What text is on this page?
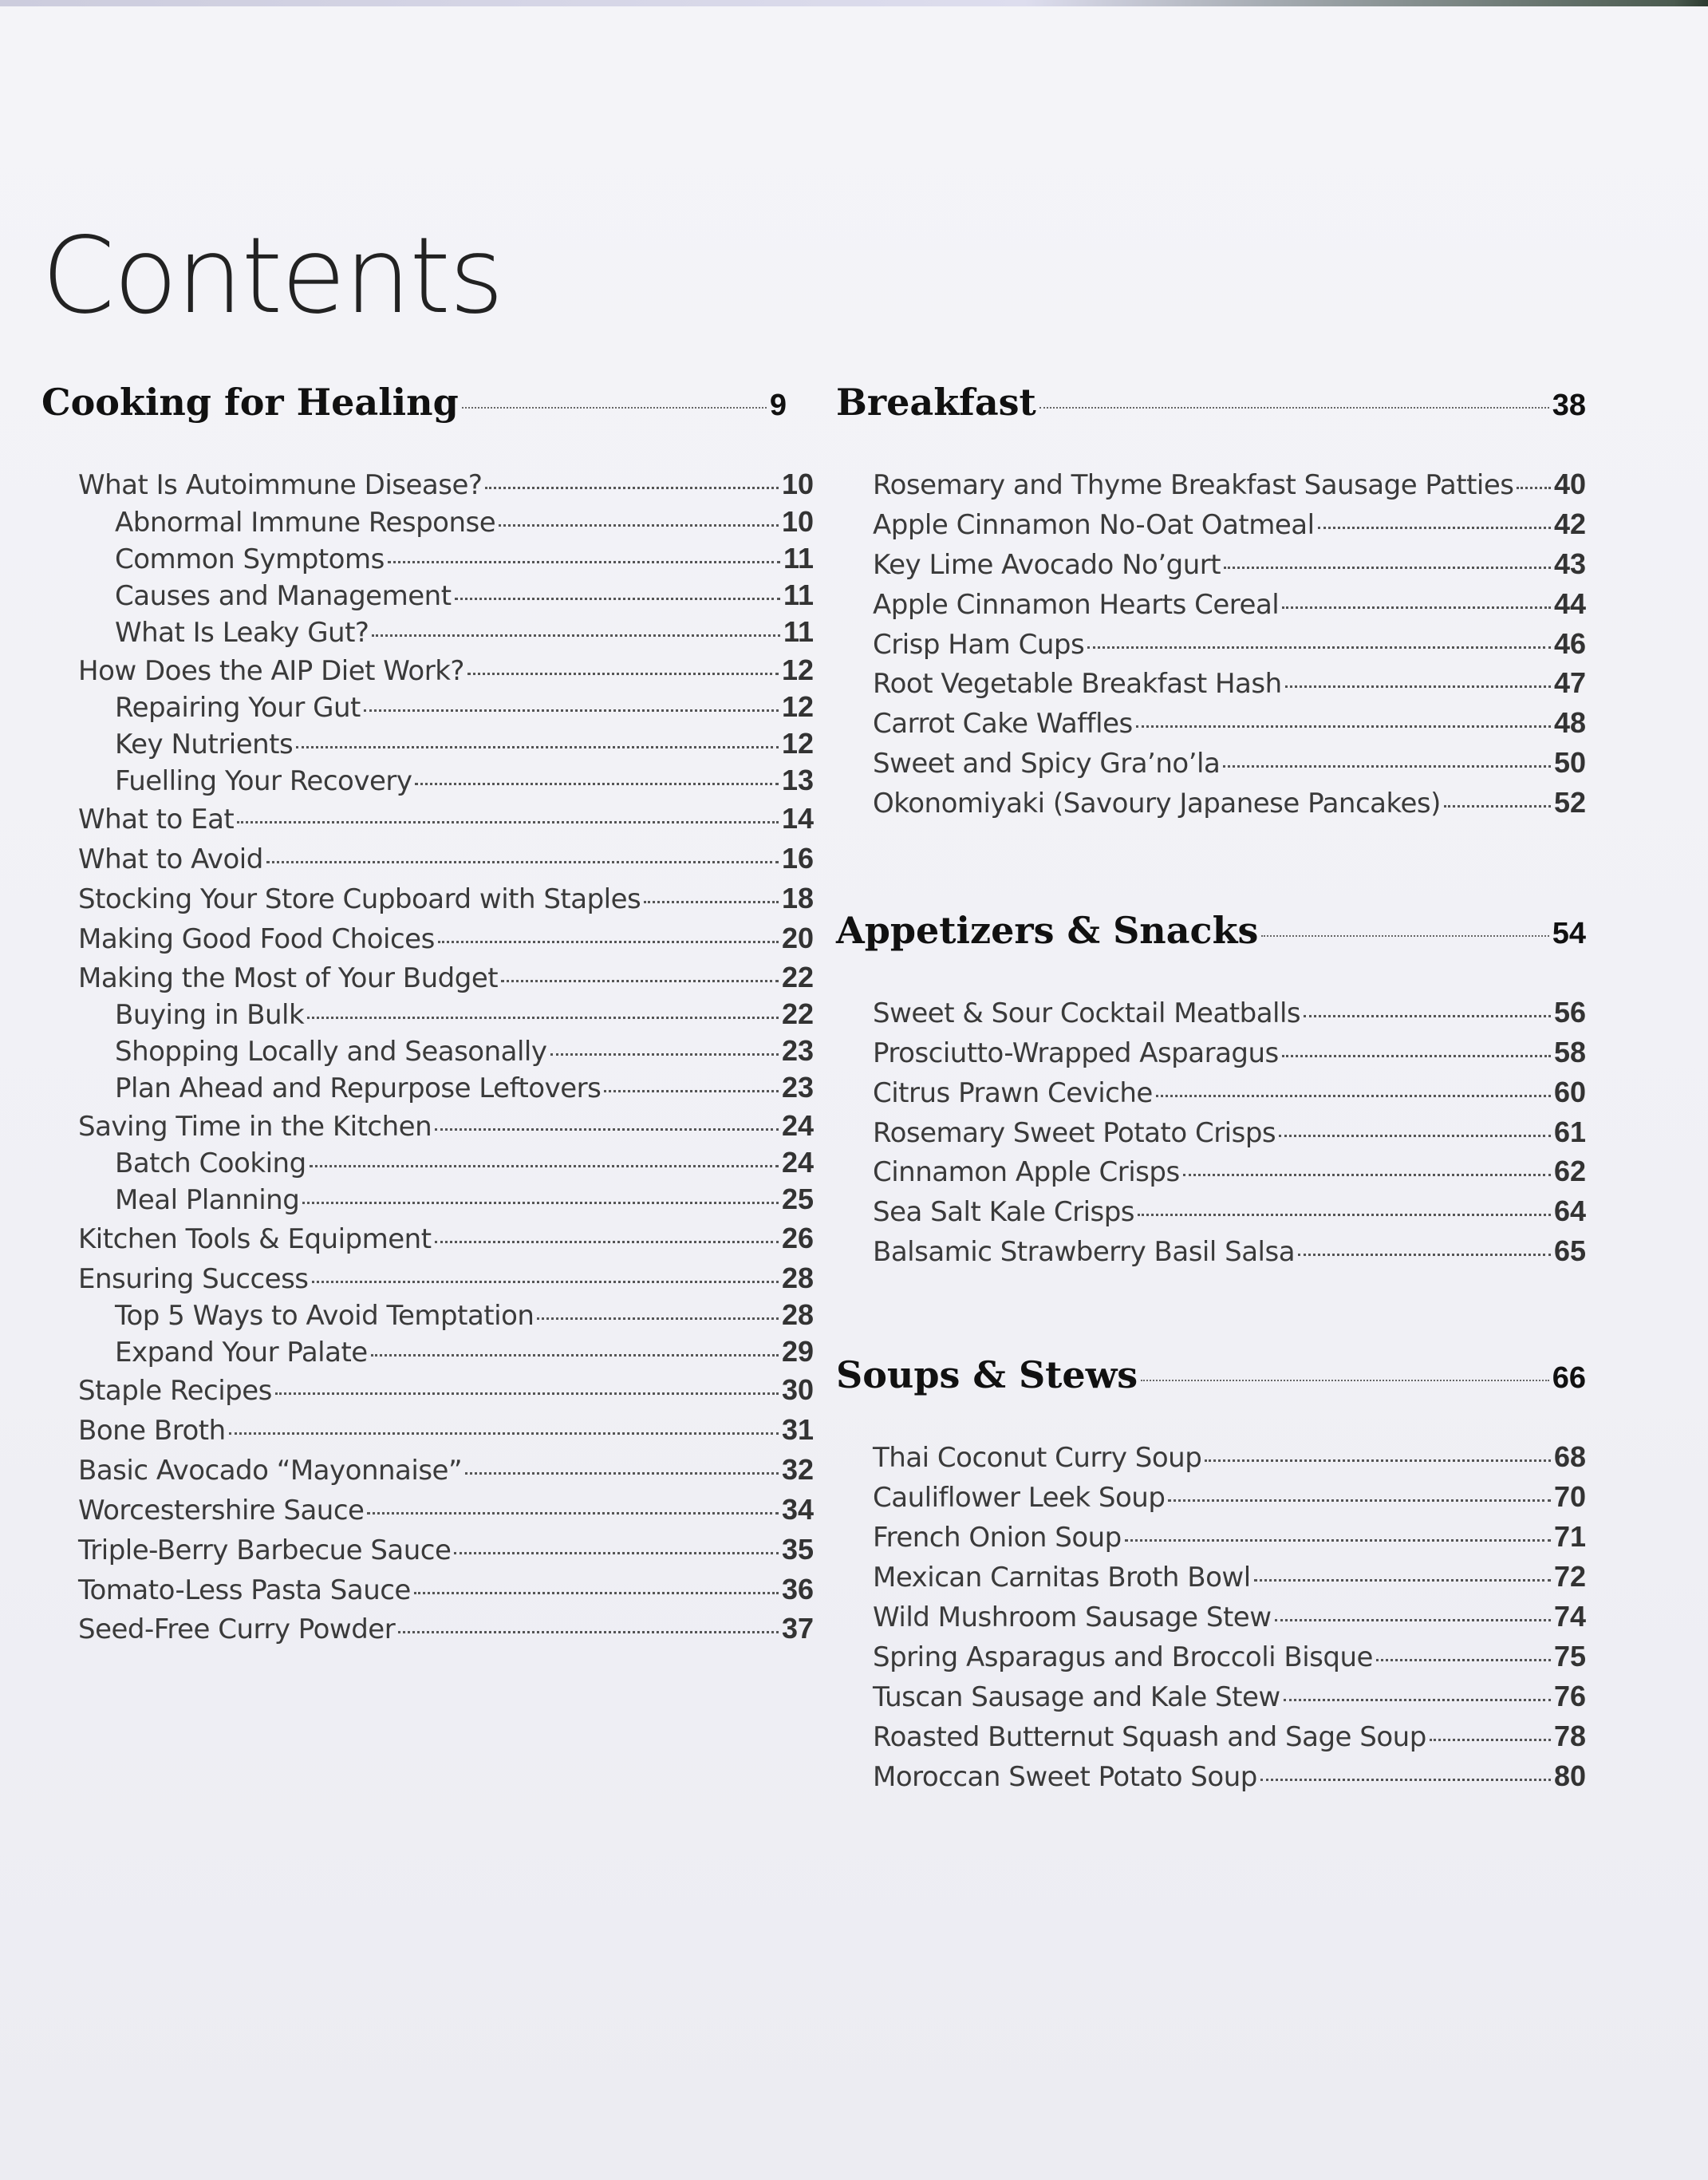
Contents
Cooking for Healing	9
What Is Autoimmune Disease?	10
Abnormal Immune Response	10
Common Symptoms	11
Causes and Management	11
What Is Leaky Gut?	11
How Does the AIP Diet Work?	12
Repairing Your Gut	12
Key Nutrients	12
Fuelling Your Recovery	13
What to Eat	14
What to Avoid	16
Stocking Your Store Cupboard with Staples	18
Making Good Food Choices	20
Making the Most of Your Budget	22
Buying in Bulk	22
Shopping Locally and Seasonally	23
Plan Ahead and Repurpose Leftovers	23
Saving Time in the Kitchen	24
Batch Cooking	24
Meal Planning	25
Kitchen Tools & Equipment	26
Ensuring Success	28
Top 5 Ways to Avoid Temptation	28
Expand Your Palate	29
Staple Recipes	30
Bone Broth	31
Basic Avocado “Mayonnaise”	32
Worcestershire Sauce	34
Triple-Berry Barbecue Sauce	35
Tomato-Less Pasta Sauce	36
Seed-Free Curry Powder	37
Breakfast	38
Rosemary and Thyme Breakfast Sausage Patties 40
Apple Cinnamon No-Oat Oatmeal	42
Key Lime Avocado No’gurt	43
Apple Cinnamon Hearts Cereal	44
Crisp Ham Cups	46
Root Vegetable Breakfast Hash	47
Carrot Cake Waffles	48
Sweet and Spicy Gra’no’la	50
Okonomiyaki (Savoury Japanese Pancakes)	52
Appetizers & Snacks	54
Sweet & Sour Cocktail Meatballs	56
Prosciutto-Wrapped Asparagus	58
Citrus Prawn Ceviche	60
Rosemary Sweet Potato Crisps	61
Cinnamon Apple Crisps	62
Sea Salt Kale Crisps	64
Balsamic Strawberry Basil Salsa	65
Soups & Stews	66
Thai Coconut Curry Soup	68
Cauliflower Leek Soup	70
French Onion Soup	71
Mexican Carnitas Broth Bowl	72
Wild Mushroom Sausage Stew	74
Spring Asparagus and Broccoli Bisque	75
Tuscan Sausage and Kale Stew	76
Roasted Butternut Squash and Sage Soup	78
Moroccan Sweet Potato Soup	80
